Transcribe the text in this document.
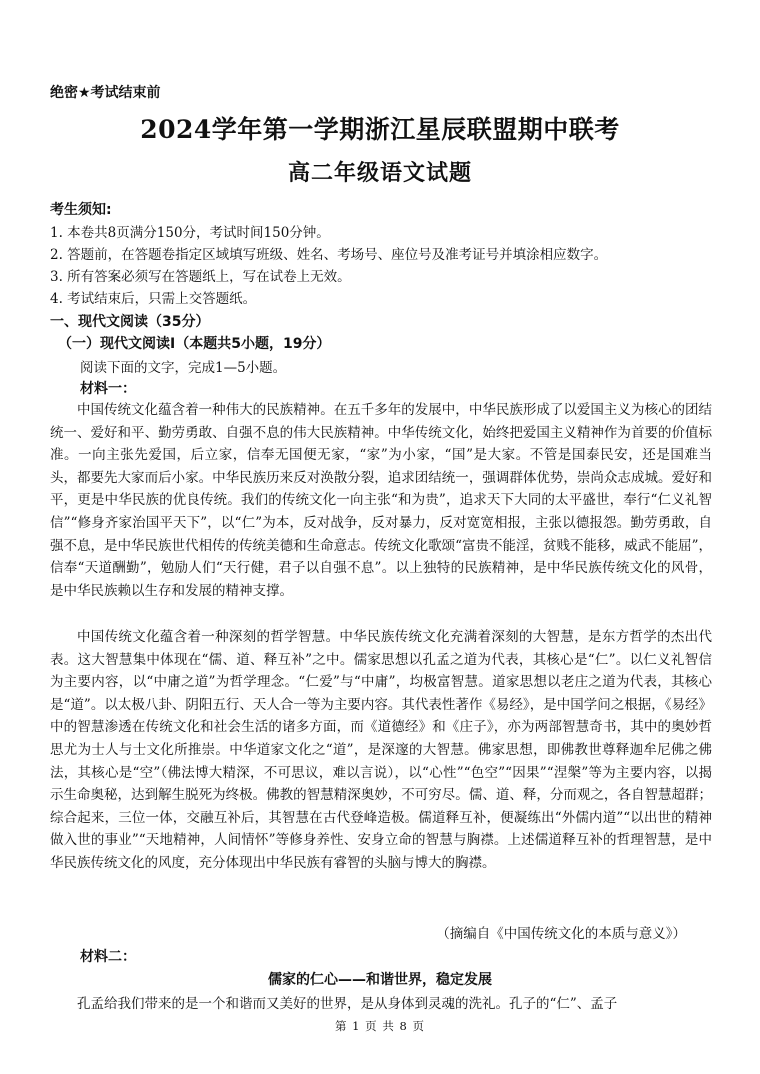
绝密★考试结束前
2024学年第一学期浙江星辰联盟期中联考
高二年级语文试题
考生须知:
1. 本卷共8页满分150分，考试时间150分钟。
2. 答题前，在答题卷指定区域填写班级、姓名、考场号、座位号及准考证号并填涂相应数字。
3. 所有答案必须写在答题纸上，写在试卷上无效。
4. 考试结束后，只需上交答题纸。
一、现代文阅读（35分）
（一）现代文阅读Ⅰ（本题共5小题，19分）
阅读下面的文字，完成1—5小题。
材料一：

中国传统文化蕴含着一种伟大的民族精神。在五千多年的发展中，中华民族形成了以爱国主义为核心的团结统一、爱好和平、勤劳勇敢、自强不息的伟大民族精神。中华传统文化，始终把爱国主义精神作为首要的价值标准。一向主张先爱国，后立家，信奉无国便无家，“家”为小家，“国”是大家。不管是国泰民安，还是国难当头，都要先大家而后小家。中华民族历来反对涣散分裂，追求团结统一，强调群体优势，崇尚众志成城。爱好和平，更是中华民族的优良传统。我们的传统文化一向主张“和为贵”，追求天下大同的太平盛世，奉行“仁义礼智信”“修身齐家治国平天下”，以“仁”为本，反对战争，反对暴力，反对宽宽相报，主张以德报怨。勤劳勇敢，自强不息，是中华民族世代相传的传统美德和生命意志。传统文化歌颂“富贵不能淫，贫贱不能移，威武不能屈”，信奉“天道酬勤”，勉励人们“天行健，君子以自强不息”。以上独特的民族精神，是中华民族传统文化的风骨，是中华民族赖以生存和发展的精神支撑。

中国传统文化蕴含着一种深刻的哲学智慧。中华民族传统文化充满着深刻的大智慧，是东方哲学的杰出代表。这大智慧集中体现在“儒、道、释互补”之中。儒家思想以孔孟之道为代表，其核心是“仁”。以仁义礼智信为主要内容，以“中庸之道”为哲学理念。“仁爱”与“中庸”，均极富智慧。道家思想以老庄之道为代表，其核心是“道”。以太极八卦、阴阳五行、天人合一等为主要内容。其代表性著作《易经》，是中国学问之根据，《易经》中的智慧渗透在传统文化和社会生活的诸多方面，而《道德经》和《庄子》，亦为两部智慧奇书，其中的奥妙哲思尤为士人与士文化所推崇。中华道家文化之“道”，是深邃的大智慧。佛家思想，即佛教世尊释迦牟尼佛之佛法，其核心是“空”（佛法博大精深，不可思议，难以言说），以“心性”“色空”“因果”“涅槃”等为主要内容，以揭示生命奥秘，达到解生脱死为终极。佛教的智慧精深奥妙，不可穷尽。儒、道、释，分而观之，各自智慧超群；综合起来，三位一体，交融互补后，其智慧在古代登峰造极。儒道释互补，便凝练出“外儒内道”“以出世的精神做入世的事业”“天地精神，人间情怀”等修身养性、安身立命的智慧与胸襟。上述儒道释互补的哲理智慧，是中华民族传统文化的风度，充分体现出中华民族有睿智的头脑与博大的胸襟。

（摘编自《中国传统文化的本质与意义》）
材料二：
儒家的仁心——和谐世界，稳定发展
孔孟给我们带来的是一个和谐而又美好的世界，是从身体到灵魂的洗礼。孔子的“仁”、孟子
第 1 页 共 8 页
